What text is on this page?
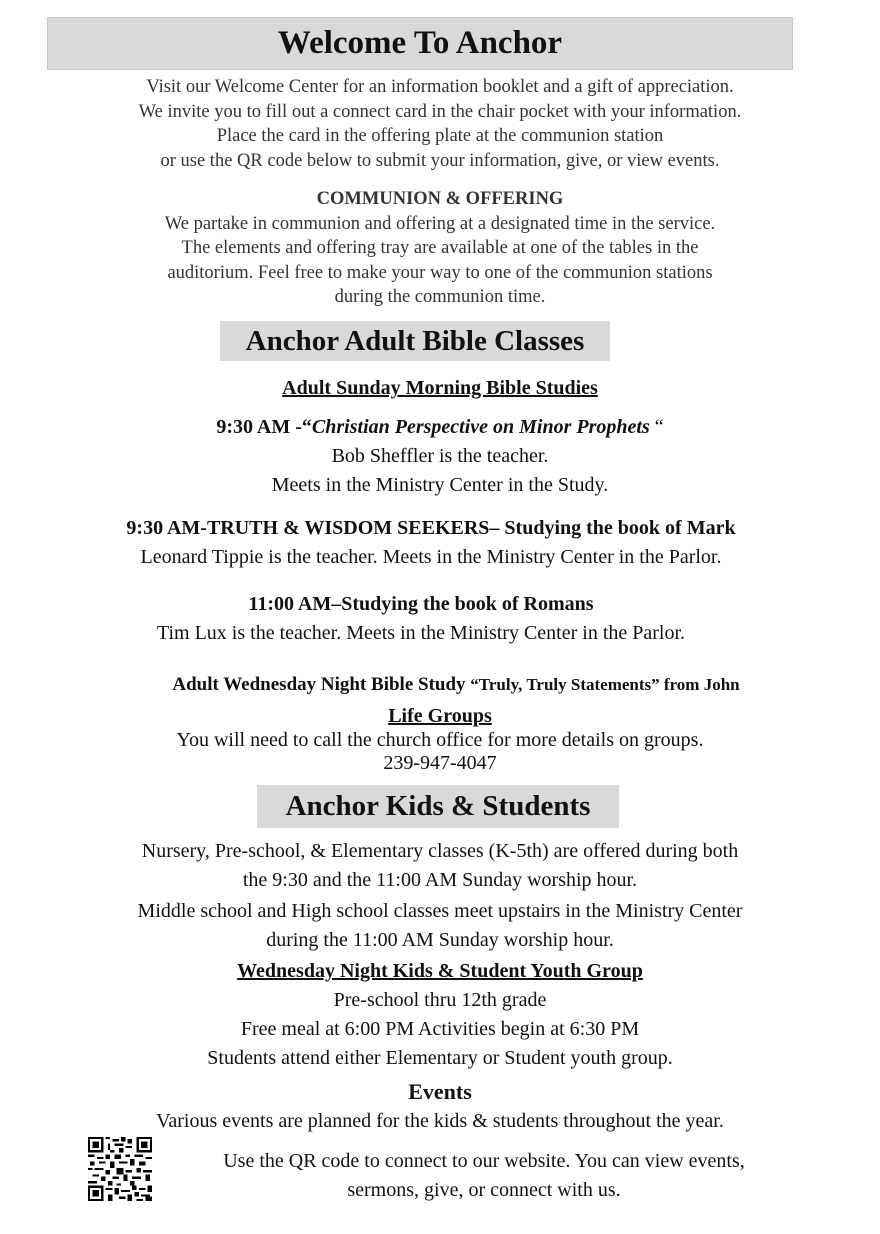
Welcome To Anchor
Visit our Welcome Center for an information booklet and a gift of appreciation.
We invite you to fill out a connect card in the chair pocket with your information.
Place the card in the offering plate at the communion station
or use the QR code below to submit your information, give, or view events.
COMMUNION & OFFERING
We partake in communion and offering at a designated time in the service.
The elements and offering tray are available at one of the tables in the
auditorium. Feel free to make your way to one of the communion stations
during the communion time.
Anchor Adult Bible Classes
Adult Sunday Morning Bible Studies
9:30 AM -“Christian Perspective on Minor Prophets “
Bob Sheffler is the teacher.
Meets in the Ministry Center in the Study.
9:30 AM-TRUTH & WISDOM SEEKERS– Studying the book of Mark
Leonard Tippie is the teacher. Meets in the Ministry Center in the Parlor.
11:00 AM–Studying the book of Romans
Tim Lux is the teacher. Meets in the Ministry Center in the Parlor.
Adult Wednesday Night Bible Study “Truly, Truly Statements” from John
Life Groups
You will need to call the church office for more details on groups.
239-947-4047
Anchor Kids & Students
Nursery, Pre-school, & Elementary classes (K-5th) are offered during both
the 9:30 and the 11:00 AM Sunday worship hour.
Middle school and High school classes meet upstairs in the Ministry Center
during the 11:00 AM Sunday worship hour.
Wednesday Night Kids & Student Youth Group
Pre-school thru 12th grade
Free meal at 6:00 PM Activities begin at 6:30 PM
Students attend either Elementary or Student youth group.
Events
Various events are planned for the kids & students throughout the year.
Use the QR code to connect to our website. You can view events,
sermons, give, or connect with us.
